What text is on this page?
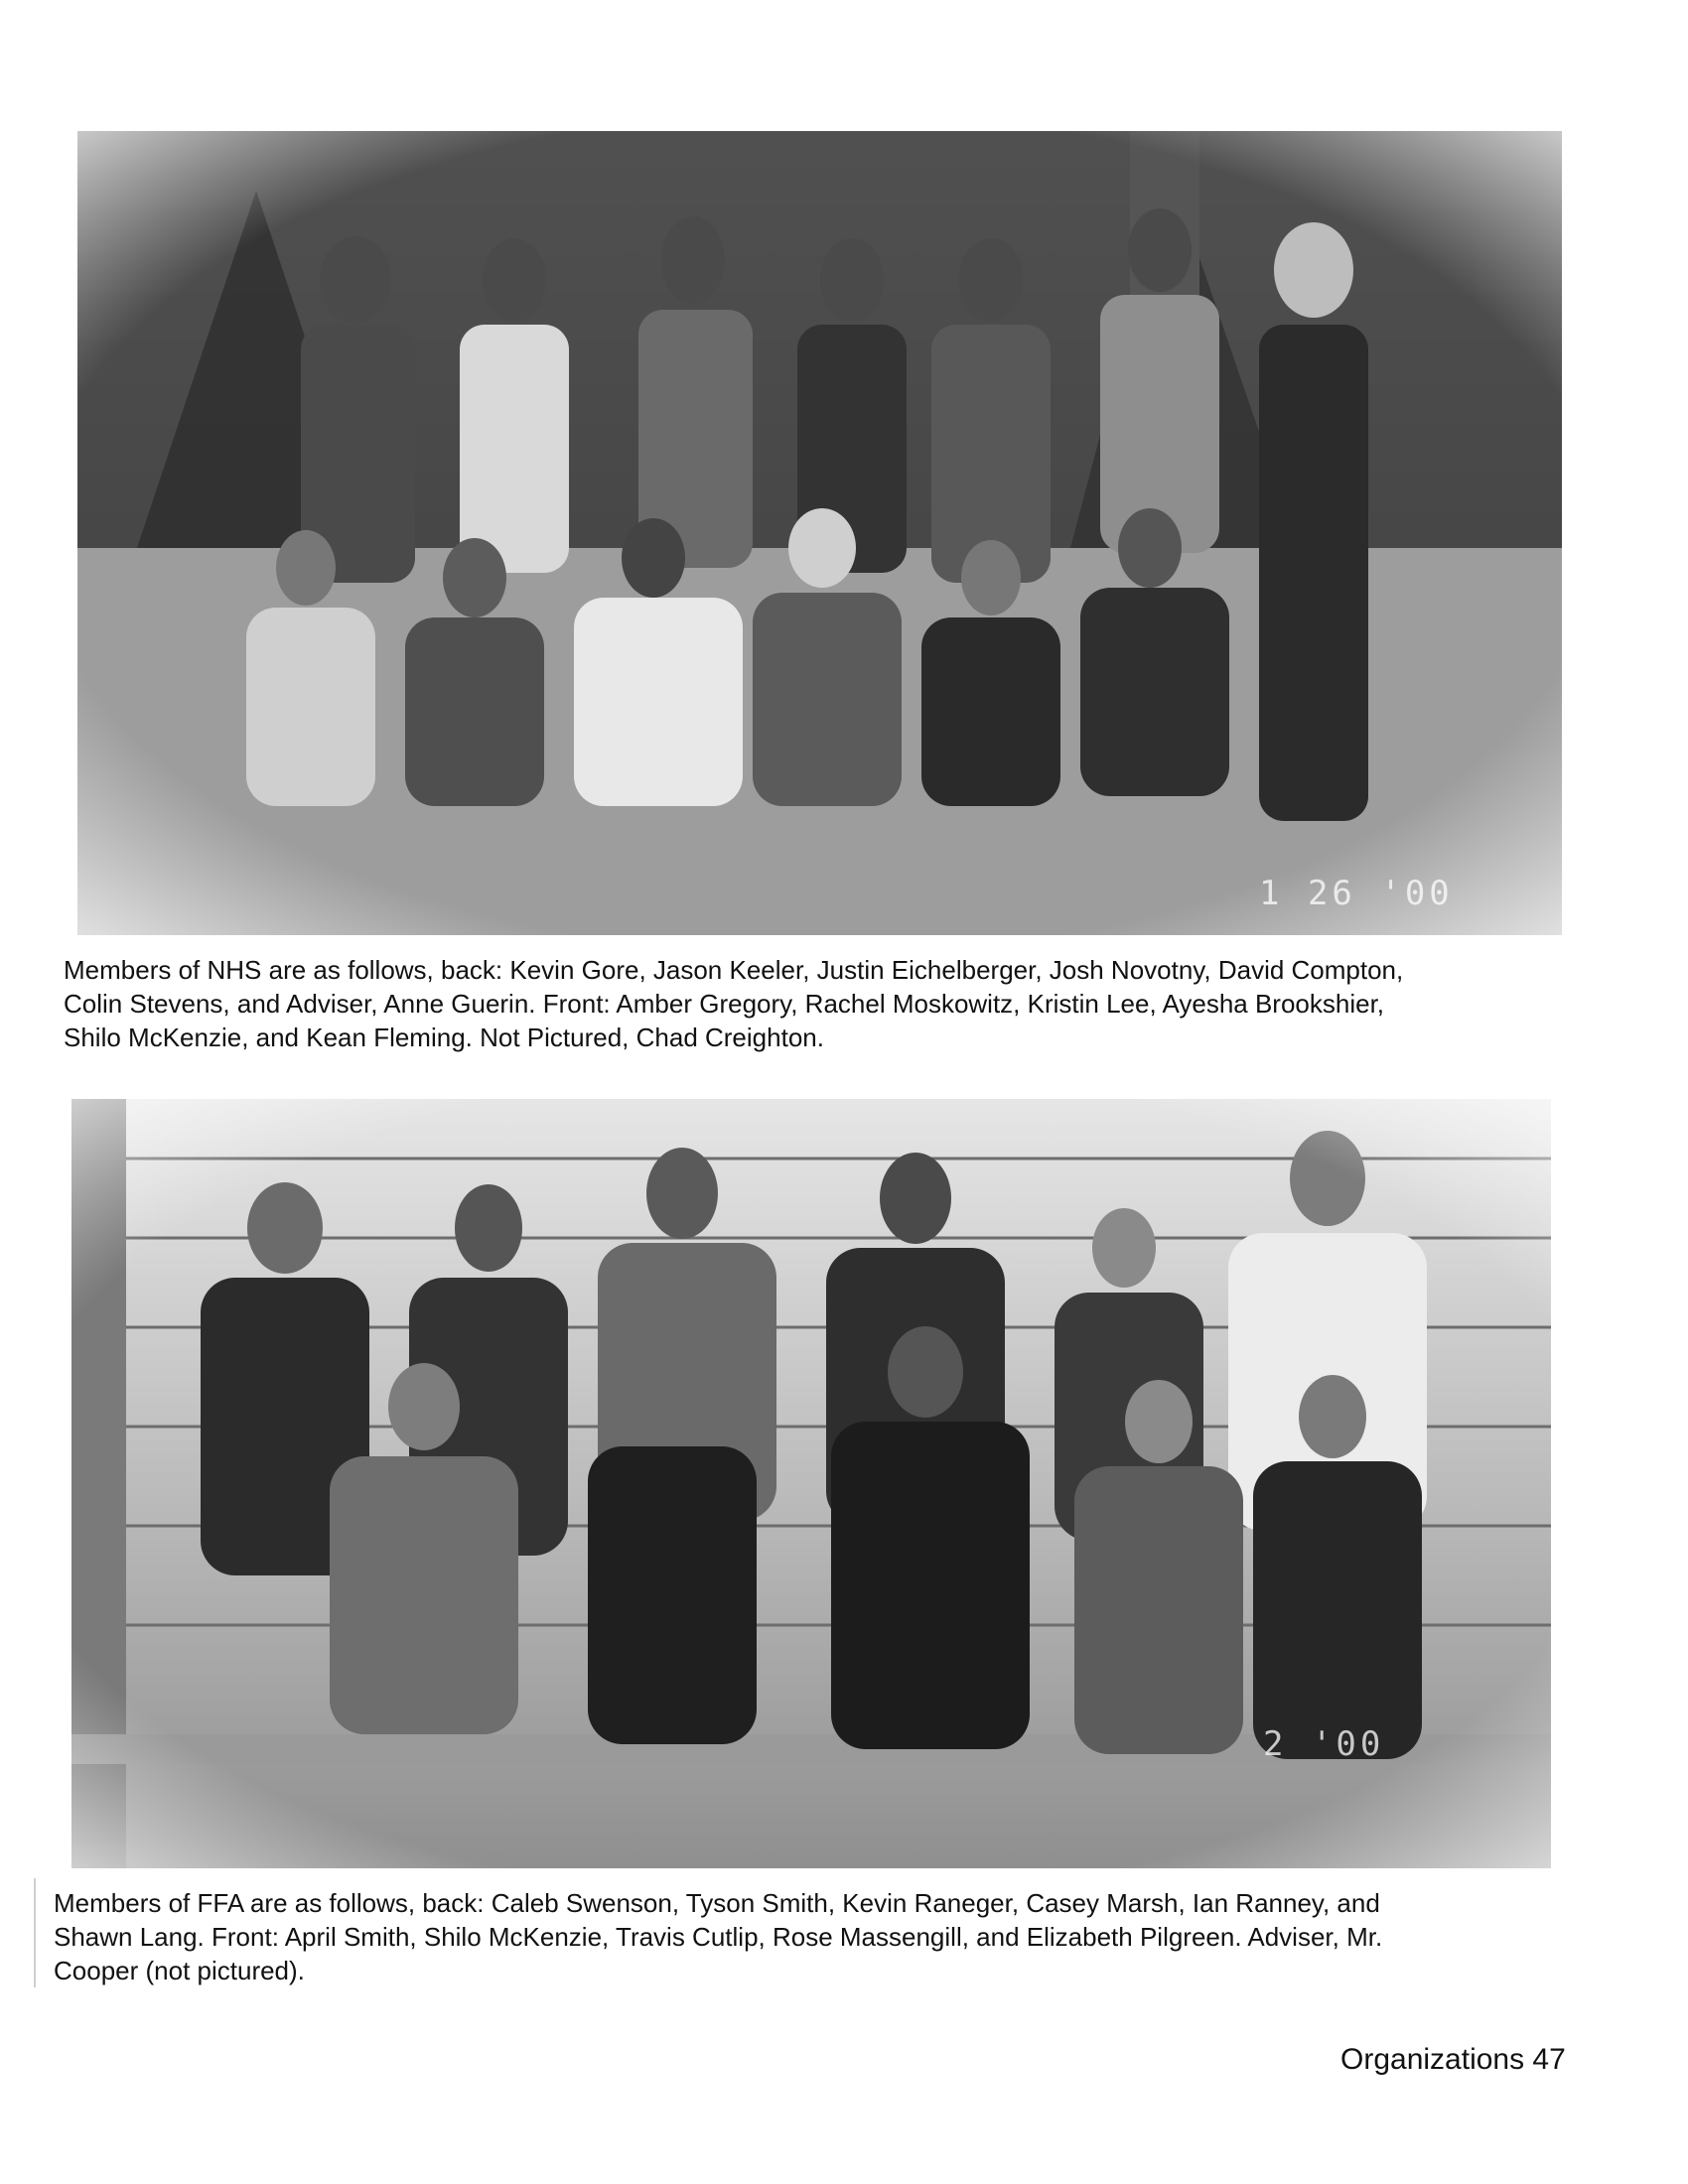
1 26 '00
Members of NHS are as follows, back: Kevin Gore, Jason Keeler, Justin Eichelberger, Josh Novotny, David Compton,
Colin Stevens, and Adviser, Anne Guerin. Front: Amber Gregory, Rachel Moskowitz, Kristin Lee, Ayesha Brookshier,
Shilo McKenzie, and Kean Fleming. Not Pictured, Chad Creighton.
2 '00
Members of FFA are as follows, back: Caleb Swenson, Tyson Smith, Kevin Raneger, Casey Marsh, Ian Ranney, and
Shawn Lang. Front: April Smith, Shilo McKenzie, Travis Cutlip, Rose Massengill, and Elizabeth Pilgreen. Adviser, Mr.
Cooper (not pictured).
Organizations 47
